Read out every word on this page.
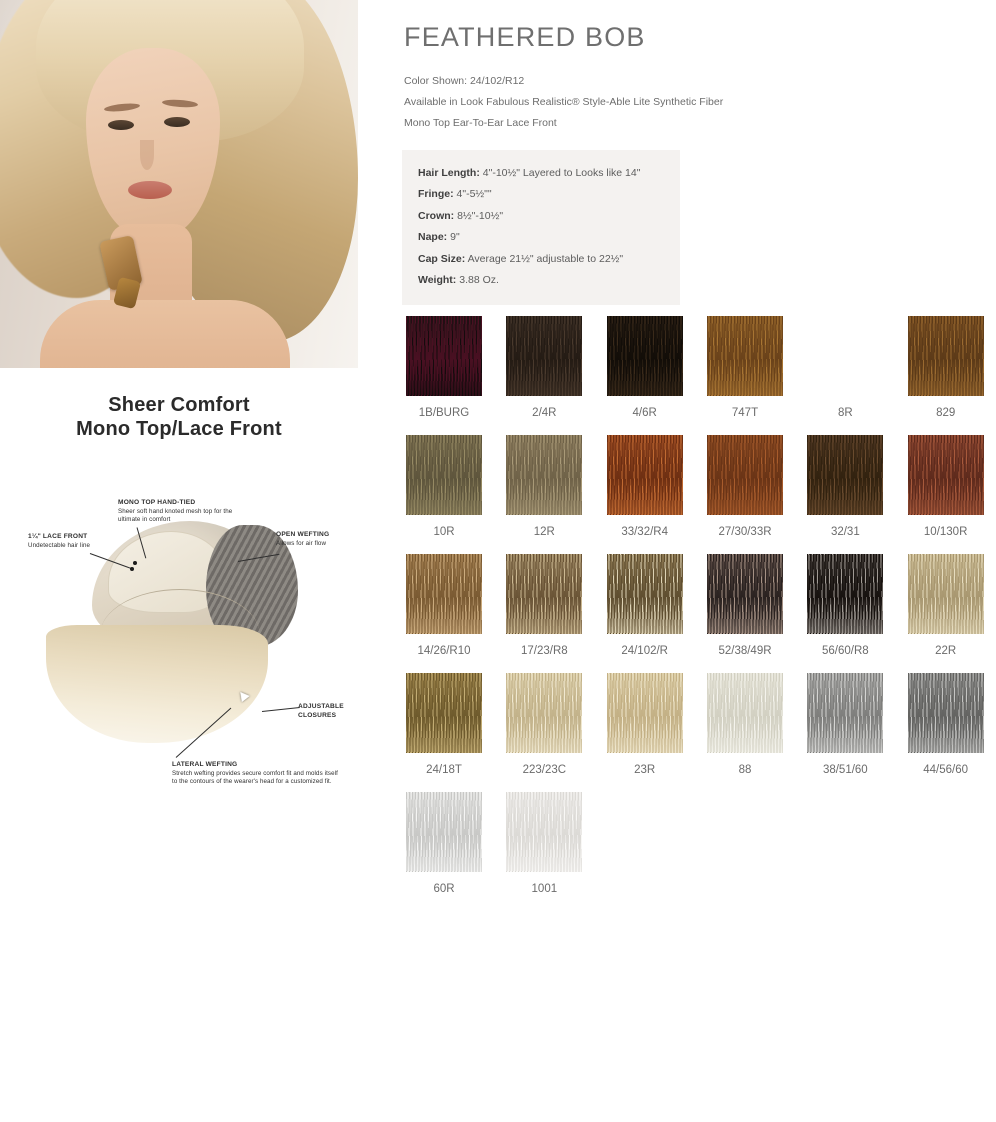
Sheer Comfort
Mono Top/Lace Front
1¼" LACE FRONT
Undetectable hair line
MONO TOP HAND-TIED
Sheer soft hand knoted mesh top for the ultimate in comfort
OPEN WEFTING
Allows for air flow
ADJUSTABLE CLOSURES
LATERAL WEFTING
Stretch wefting provides secure comfort fit and molds itself to the contours of the wearer's head for a customized fit.
FEATHERED BOB
Color Shown: 24/102/R12
Available in Look Fabulous Realistic® Style-Able Lite Synthetic Fiber
Mono Top Ear-To-Ear Lace Front
Hair Length: 4"-10½" Layered to Looks like 14"
Fringe: 4"-5½""
Crown: 8½"-10½"
Nape: 9"
Cap Size: Average 21½" adjustable to 22½"
Weight: 3.88 Oz.
1B/BURG	2/4R	4/6R	747T	8R	829
10R	12R	33/32/R4	27/30/33R	32/31	10/130R
14/26/R10	17/23/R8	24/102/R	52/38/49R	56/60/R8	22R
24/18T	223/23C	23R	88	38/51/60	44/56/60
60R	1001
